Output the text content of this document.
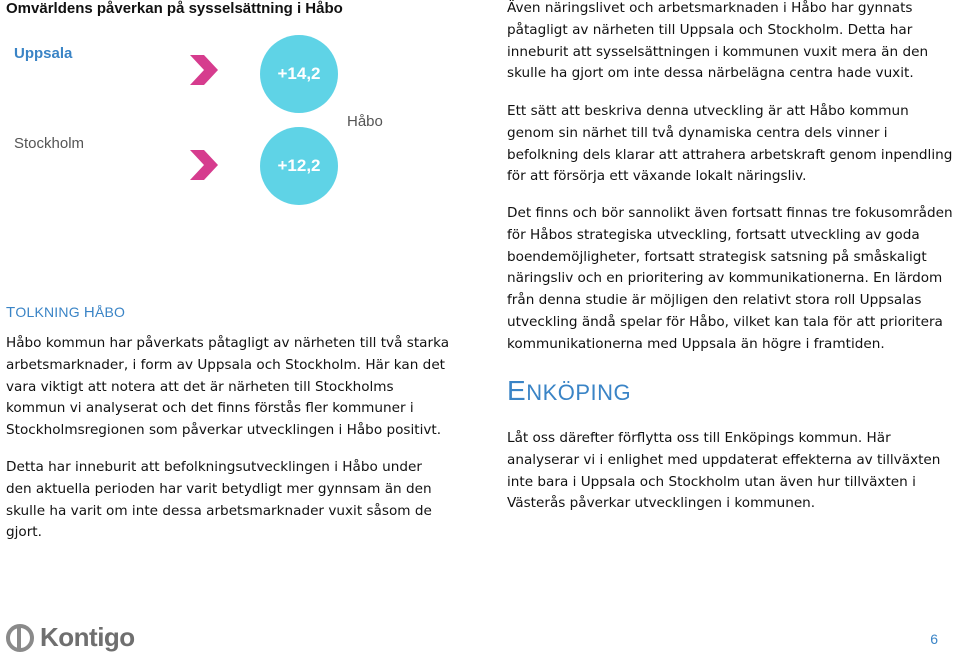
Omvärldens påverkan på sysselsättning i Håbo
Uppsala
Stockholm
Håbo
+14,2
+12,2
TOLKNING HÅBO
Håbo kommun har påverkats påtagligt av närheten till två starka arbetsmarknader, i form av Uppsala och Stockholm. Här kan det vara viktigt att notera att det är närheten till Stockholms kommun vi analyserat och det finns förstås fler kommuner i Stockholmsregionen som påverkar utvecklingen i Håbo positivt.
Detta har inneburit att befolkningsutvecklingen i Håbo under den aktuella perioden har varit betydligt mer gynnsam än den skulle ha varit om inte dessa arbetsmarknader vuxit såsom de gjort.
Även näringslivet och arbetsmarknaden i Håbo har gynnats påtagligt av närheten till Uppsala och Stockholm. Detta har inneburit att sysselsättningen i kommunen vuxit mera än den skulle ha gjort om inte dessa närbelägna centra hade vuxit.
Ett sätt att beskriva denna utveckling är att Håbo kommun genom sin närhet till två dynamiska centra dels vinner i befolkning dels klarar att attrahera arbetskraft genom inpendling för att försörja ett växande lokalt näringsliv.
Det finns och bör sannolikt även fortsatt finnas tre fokusområden för Håbos strategiska utveckling, fortsatt utveckling av goda boendemöjligheter, fortsatt strategisk satsning på småskaligt näringsliv och en prioritering av kommunikationerna. En lärdom från denna studie är möjligen den relativt stora roll Uppsalas utveckling ändå spelar för Håbo, vilket kan tala för att prioritera kommunikationerna med Uppsala än högre i framtiden.
ENKÖPING
Låt oss därefter förflytta oss till Enköpings kommun. Här analyserar vi i enlighet med uppdaterat effekterna av tillväxten inte bara i Uppsala och Stockholm utan även hur tillväxten i Västerås påverkar utvecklingen i kommunen.
Kontigo	6
